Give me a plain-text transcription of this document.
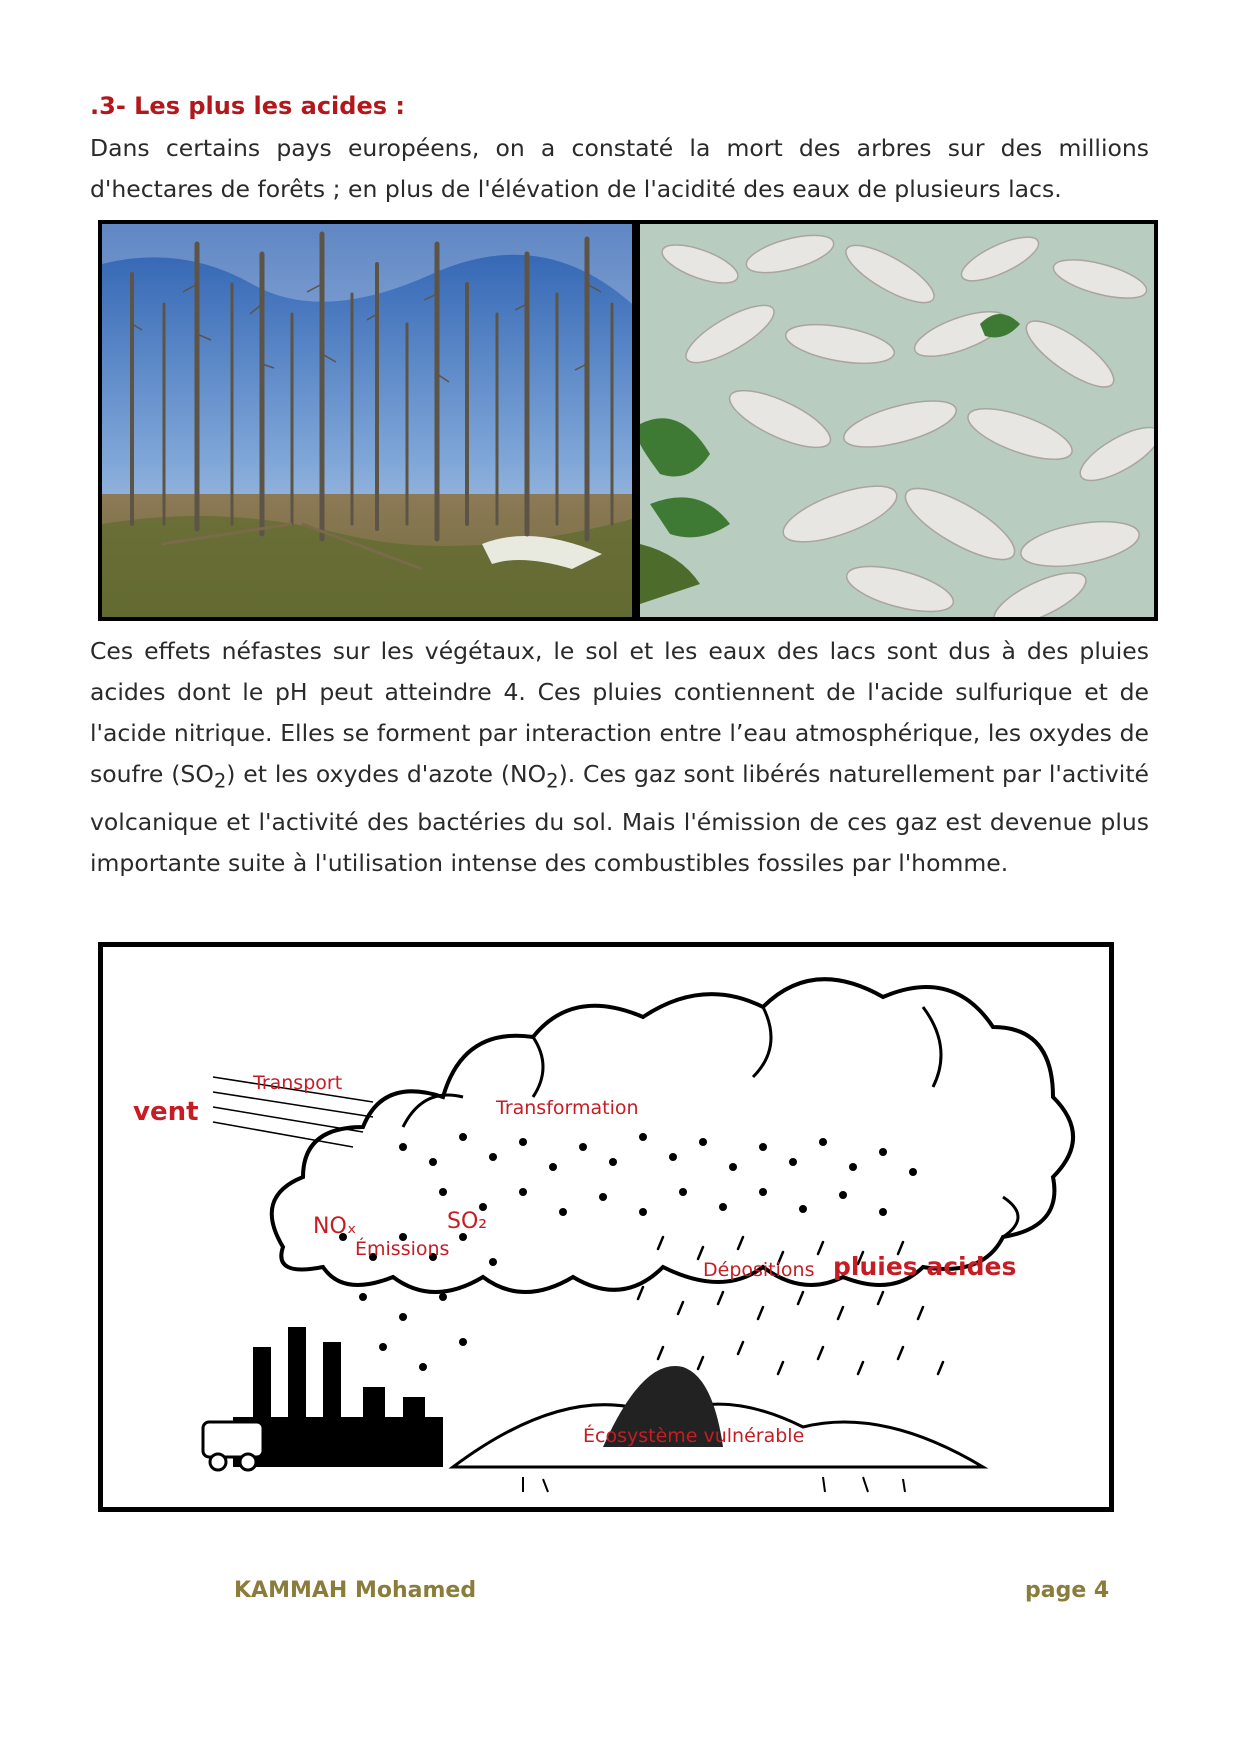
.3- Les plus les acides :

Dans certains pays européens, on a constaté la mort des arbres sur des millions d'hectares de forêts ; en plus de l'élévation de l'acidité des eaux de plusieurs lacs.

Ces effets néfastes sur les végétaux, le sol et les eaux des lacs sont dus à des pluies acides dont le pH peut atteindre 4. Ces pluies contiennent de l'acide sulfurique et de l'acide nitrique. Elles se forment par interaction entre l’eau atmosphérique, les oxydes de soufre $(SO_2)$ et les oxydes d'azote $(NO_2)$. Ces gaz sont libérés naturellement par l'activité volcanique et l'activité des bactéries du sol. Mais l'émission de ces gaz est devenue plus importante suite à l'utilisation intense des combustibles fossiles par l'homme.

Transport
vent	Transformation
NOₓ	SO₂
Émissions
Dépositions pluies acides
Écosystème vulnérable
KAMMAH Mohamed	page 4
